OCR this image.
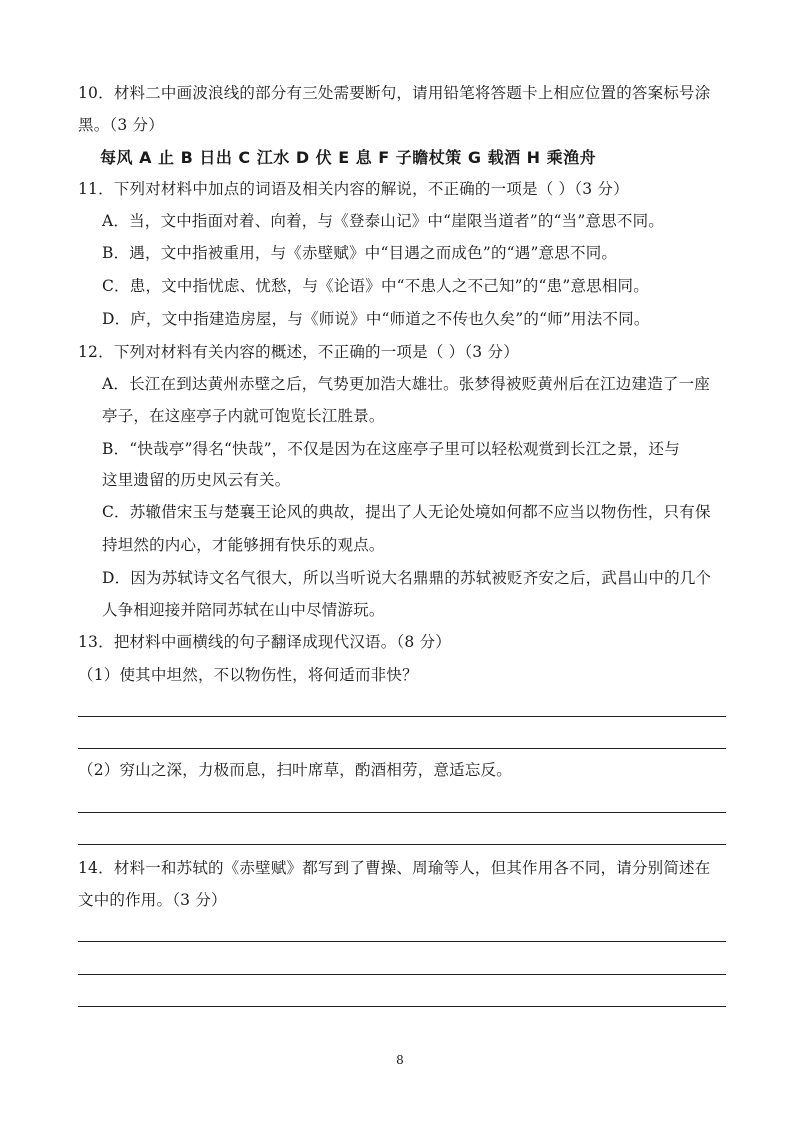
10．材料二中画波浪线的部分有三处需要断句，请用铅笔将答题卡上相应位置的答案标号涂
黑。（3 分）
每风 A 止 B 日出 C 江水 D 伏 E 息 F 子瞻杖策 G 载酒 H 乘渔舟
11．下列对材料中加点的词语及相关内容的解说，不正确的一项是（ ）（3 分）
A．当，文中指面对着、向着，与《登泰山记》中“崖限当道者”的“当”意思不同。
B．遇，文中指被重用，与《赤壁赋》中“目遇之而成色”的“遇”意思不同。
C．患，文中指忧虑、忧愁，与《论语》中“不患人之不己知”的“患”意思相同。
D．庐，文中指建造房屋，与《师说》中“师道之不传也久矣”的“师”用法不同。
12．下列对材料有关内容的概述，不正确的一项是（ ）（3 分）
A．长江在到达黄州赤壁之后，气势更加浩大雄壮。张梦得被贬黄州后在江边建造了一座
亭子，在这座亭子内就可饱览长江胜景。
B．“快哉亭”得名“快哉”，不仅是因为在这座亭子里可以轻松观赏到长江之景，还与
这里遗留的历史风云有关。
C．苏辙借宋玉与楚襄王论风的典故，提出了人无论处境如何都不应当以物伤性，只有保
持坦然的内心，才能够拥有快乐的观点。
D．因为苏轼诗文名气很大，所以当听说大名鼎鼎的苏轼被贬齐安之后，武昌山中的几个
人争相迎接并陪同苏轼在山中尽情游玩。
13．把材料中画横线的句子翻译成现代汉语。（8 分）
（1）使其中坦然，不以物伤性，将何适而非快？
（2）穷山之深，力极而息，扫叶席草，酌酒相劳，意适忘反。
14．材料一和苏轼的《赤壁赋》都写到了曹操、周瑜等人，但其作用各不同，请分别简述在
文中的作用。（3 分）
8
